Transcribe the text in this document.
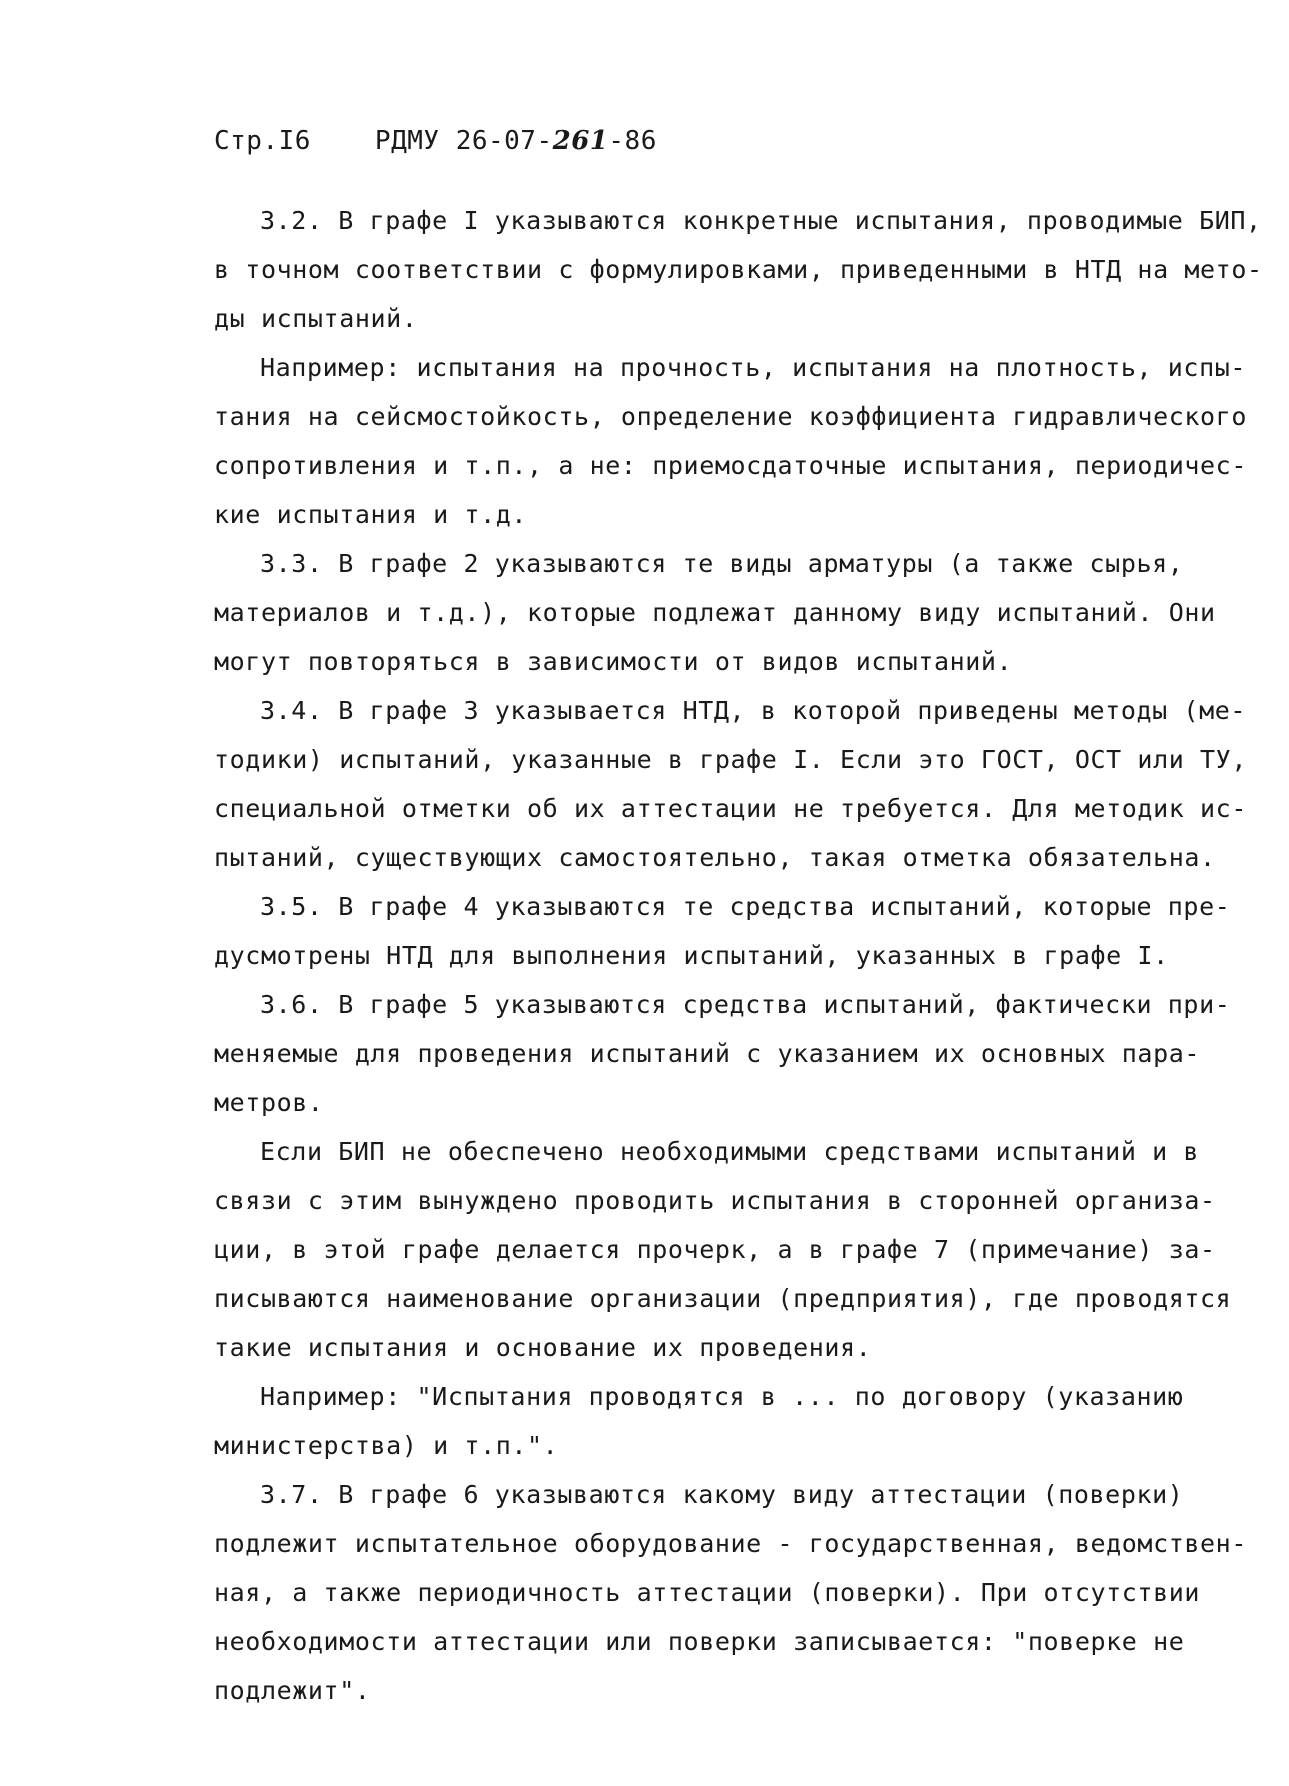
Стр.I6 РДМУ 26-07-261-86
3.2. В графе I указываются конкретные испытания, проводимые БИП,
в точном соответствии с формулировками, приведенными в НТД на мето-
ды испытаний.
Например: испытания на прочность, испытания на плотность, испы-
тания на сейсмостойкость, определение коэффициента гидравлического
сопротивления и т.п., а не: приемосдаточные испытания, периодичес-
кие испытания и т.д.
3.3. В графе 2 указываются те виды арматуры (а также сырья,
материалов и т.д.), которые подлежат данному виду испытаний. Они
могут повторяться в зависимости от видов испытаний.
3.4. В графе 3 указывается НТД, в которой приведены методы (ме-
тодики) испытаний, указанные в графе I. Если это ГОСТ, ОСТ или ТУ,
специальной отметки об их аттестации не требуется. Для методик ис-
пытаний, существующих самостоятельно, такая отметка обязательна.
3.5. В графе 4 указываются те средства испытаний, которые пре-
дусмотрены НТД для выполнения испытаний, указанных в графе I.
3.6. В графе 5 указываются средства испытаний, фактически при-
меняемые для проведения испытаний с указанием их основных пара-
метров.
Если БИП не обеспечено необходимыми средствами испытаний и в
связи с этим вынуждено проводить испытания в сторонней организа-
ции, в этой графе делается прочерк, а в графе 7 (примечание) за-
писываются наименование организации (предприятия), где проводятся
такие испытания и основание их проведения.
Например: "Испытания проводятся в ... по договору (указанию
министерства) и т.п.".
3.7. В графе 6 указываются какому виду аттестации (поверки)
подлежит испытательное оборудование - государственная, ведомствен-
ная, а также периодичность аттестации (поверки). При отсутствии
необходимости аттестации или поверки записывается: "поверке не
подлежит".
